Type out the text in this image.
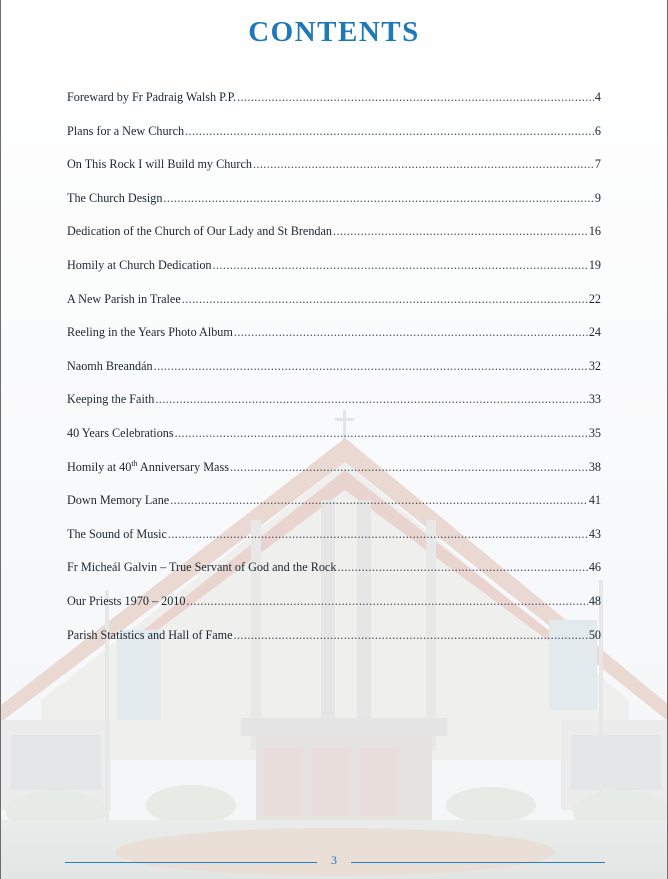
CONTENTS
Foreward by Fr Padraig Walsh P.P. .....	4
Plans for a New Church .....	6
On This Rock I will Build my Church .....	7
The Church Design .....	9
Dedication of the Church of Our Lady and St Brendan .....	16
Homily at Church Dedication .....	19
A New Parish in Tralee .....	22
Reeling in the Years Photo Album .....	24
Naomh Breandán .....	32
Keeping the Faith .....	33
40 Years Celebrations .....	35
Homily at 40th Anniversary Mass .....	38
Down Memory Lane .....	41
The Sound of Music .....	43
Fr Micheál Galvin – True Servant of God and the Rock .....	46
Our Priests 1970 – 2010 .....	48
Parish Statistics and Hall of Fame .....	50
3
